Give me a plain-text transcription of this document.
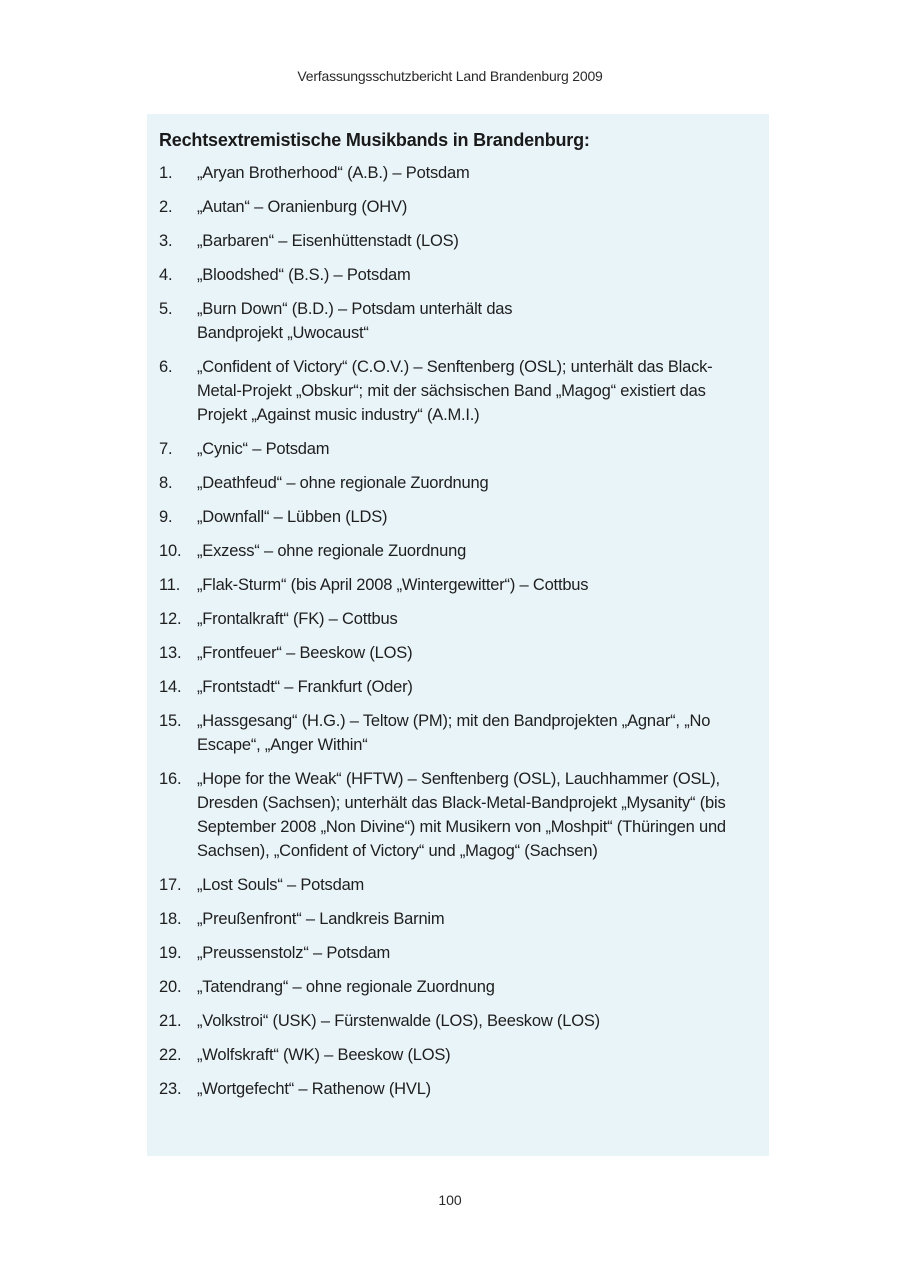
Verfassungsschutzbericht Land Brandenburg 2009
Rechtsextremistische Musikbands in Brandenburg:
1.	„Aryan Brotherhood“ (A.B.) – Potsdam
2.	„Autan“ – Oranienburg (OHV)
3.	„Barbaren“ – Eisenhüttenstadt (LOS)
4.	„Bloodshed“ (B.S.) – Potsdam
5.	„Burn Down“ (B.D.) – Potsdam unterhält das Bandprojekt „Uwocaust“
6.	„Confident of Victory“ (C.O.V.) – Senftenberg (OSL); unterhält das Black-Metal-Projekt „Obskur“; mit der sächsischen Band „Magog“ existiert das Projekt „Against music industry“ (A.M.I.)
7.	„Cynic“ – Potsdam
8.	„Deathfeud“ – ohne regionale Zuordnung
9.	„Downfall“ – Lübben (LDS)
10. „Exzess“ – ohne regionale Zuordnung
11.	„Flak-Sturm“ (bis April 2008 „Wintergewitter“) – Cottbus
12. „Frontalkraft“ (FK) – Cottbus
13. „Frontfeuer“ – Beeskow (LOS)
14. „Frontstadt“ – Frankfurt (Oder)
15. „Hassgesang“ (H.G.) – Teltow (PM); mit den Bandprojekten „Agnar“, „No Escape“, „Anger Within“
16. „Hope for the Weak“ (HFTW) – Senftenberg (OSL), Lauchhammer (OSL), Dresden (Sachsen); unterhält das Black-Metal-Bandprojekt „Mysanity“ (bis September 2008 „Non Divine“) mit Musikern von „Moshpit“ (Thüringen und Sachsen), „Confident of Victory“ und „Magog“ (Sachsen)
17. „Lost Souls“ – Potsdam
18. „Preußenfront“ – Landkreis Barnim
19. „Preussenstolz“ – Potsdam
20. „Tatendrang“ – ohne regionale Zuordnung
21. „Volkstroi“ (USK) – Fürstenwalde (LOS), Beeskow (LOS)
22. „Wolfskraft“ (WK) – Beeskow (LOS)
23. „Wortgefecht“ – Rathenow (HVL)
100
